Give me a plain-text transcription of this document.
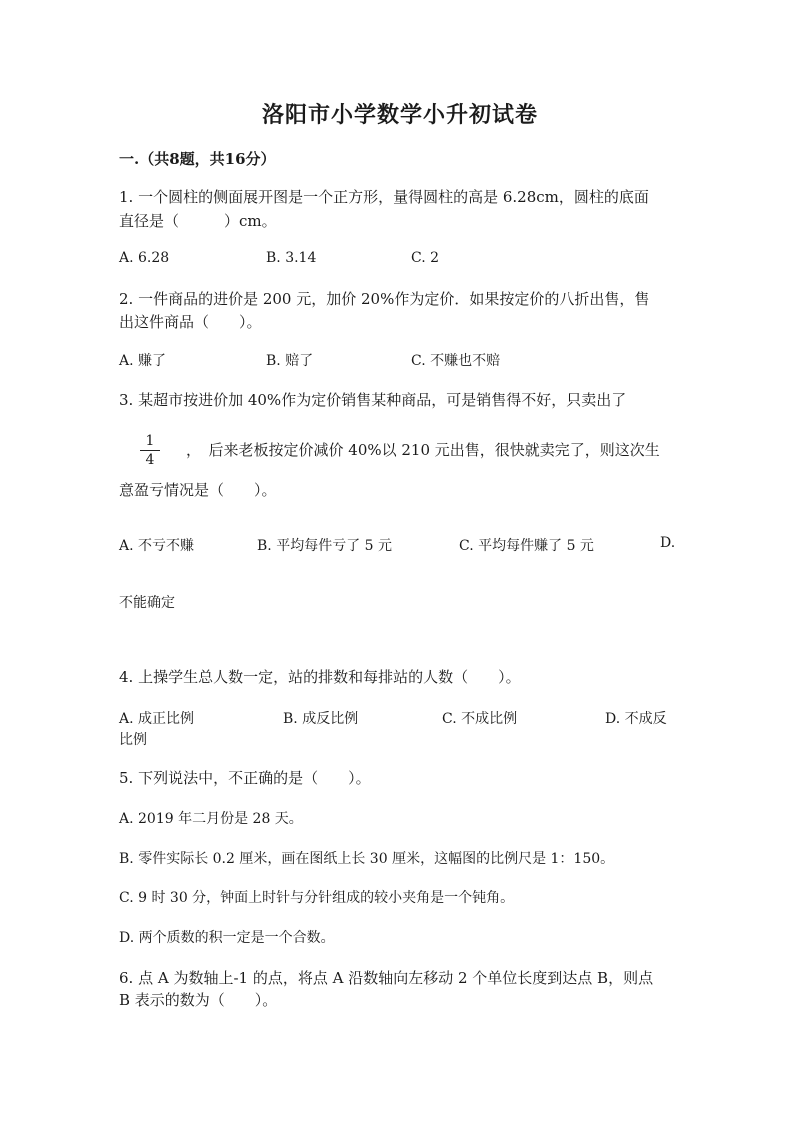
洛阳市小学数学小升初试卷
一.（共8题，共16分）
1. 一个圆柱的侧面展开图是一个正方形，量得圆柱的高是 6.28cm，圆柱的底面
直径是（　　　）cm。
A. 6.28	B. 3.14	C. 2
2. 一件商品的进价是 200 元，加价 20%作为定价．如果按定价的八折出售，售
出这件商品（　　）。
A. 赚了	B. 赔了	C. 不赚也不赔
3. 某超市按进价加 40%作为定价销售某种商品，可是销售得不好，只卖出了
1
4
，　后来老板按定价减价 40%以 210 元出售，很快就卖完了，则这次生
意盈亏情况是（　　）。
A. 不亏不赚	B. 平均每件亏了 5 元	C. 平均每件赚了 5 元	D.
不能确定
4. 上操学生总人数一定，站的排数和每排站的人数（　　）。
A. 成正比例	B. 成反比例	C. 不成比例	D. 不成反
比例
5. 下列说法中，不正确的是（　　）。
A. 2019 年二月份是 28 天。
B. 零件实际长 0.2 厘米，画在图纸上长 30 厘米，这幅图的比例尺是 1：150。
C. 9 时 30 分，钟面上时针与分针组成的较小夹角是一个钝角。
D. 两个质数的积一定是一个合数。
6. 点 A 为数轴上-1 的点，将点 A 沿数轴向左移动 2 个单位长度到达点 B，则点
B 表示的数为（　　）。
